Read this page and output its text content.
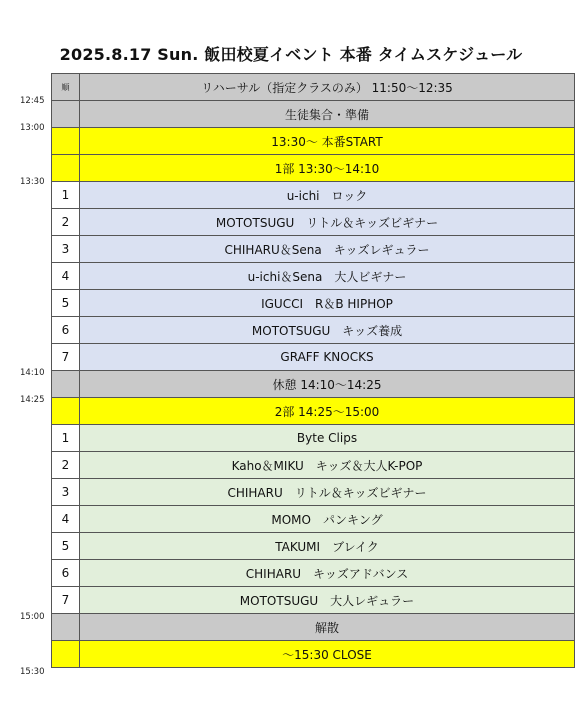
2025.8.17 Sun. 飯田校夏イベント 本番 タイムスケジュール
12:45
13:00
13:30
14:10
14:25
15:00
15:30
順	リハーサル（指定クラスのみ） 11:50～12:35
	生徒集合・準備
	13:30～ 本番START
	1部 13:30～14:10
1	u-ichi　ロック
2	MOTOTSUGU　リトル＆キッズビギナー
3	CHIHARU＆Sena　キッズレギュラー
4	u-ichi＆Sena　大人ビギナー
5	IGUCCI　R＆B HIPHOP
6	MOTOTSUGU　キッズ養成
7	GRAFF KNOCKS
	休憩 14:10～14:25
	2部 14:25～15:00
1	Byte Clips
2	Kaho＆MIKU　キッズ＆大人K-POP
3	CHIHARU　リトル＆キッズビギナー
4	MOMO　パンキング
5	TAKUMI　ブレイク
6	CHIHARU　キッズアドバンス
7	MOTOTSUGU　大人レギュラー
	解散
	～15:30 CLOSE
